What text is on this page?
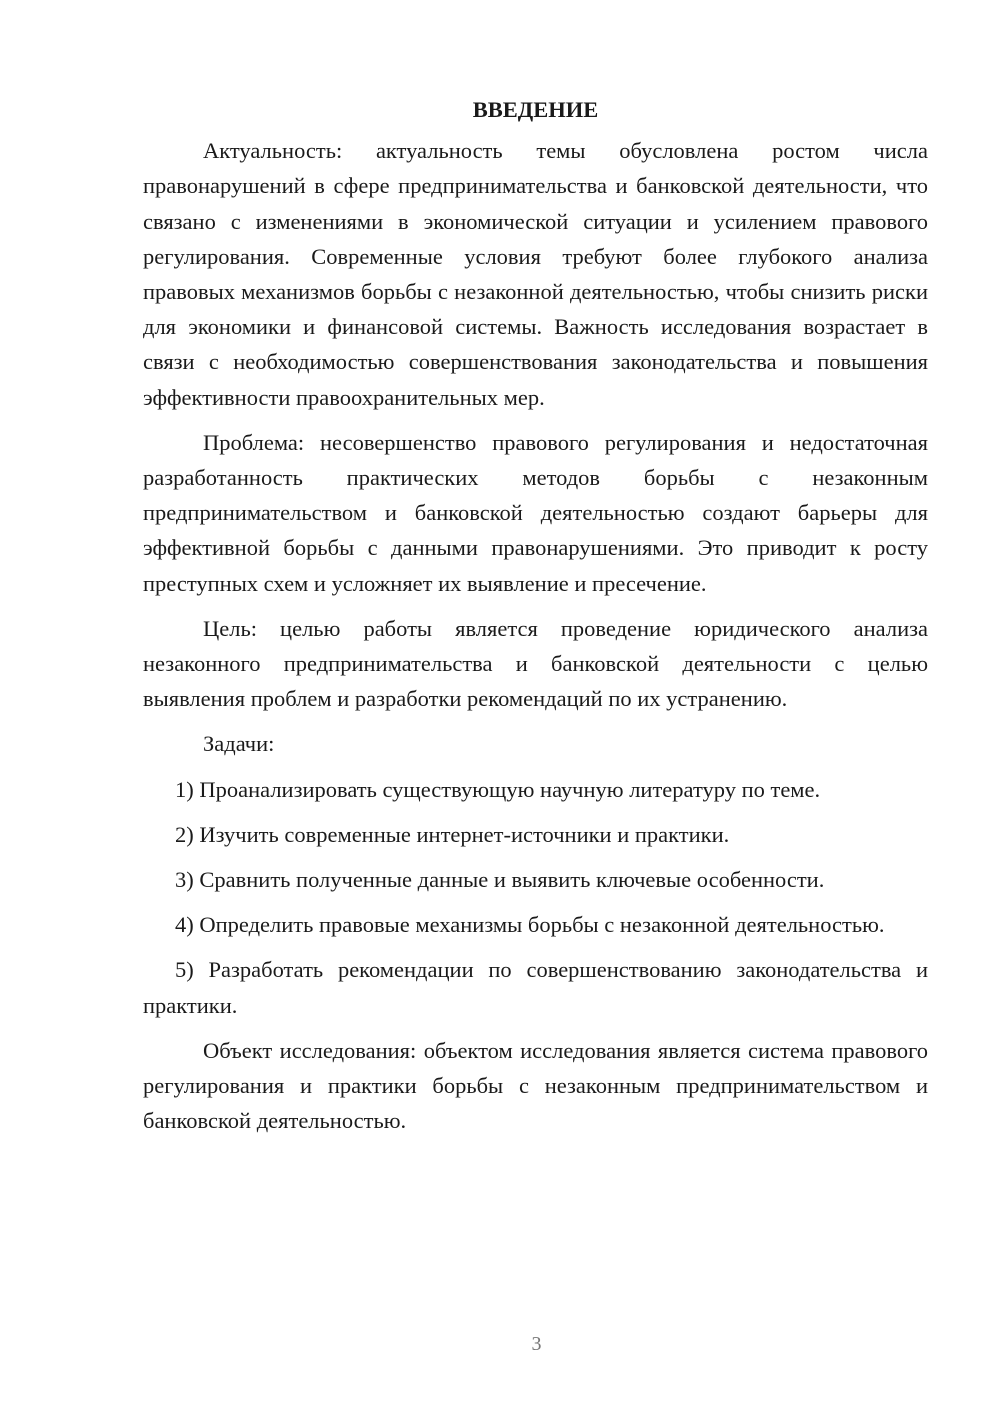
ВВЕДЕНИЕ

Актуальность: актуальность темы обусловлена ростом числа правонарушений в сфере предпринимательства и банковской деятельности, что связано с изменениями в экономической ситуации и усилением правового регулирования. Современные условия требуют более глубокого анализа правовых механизмов борьбы с незаконной деятельностью, чтобы снизить риски для экономики и финансовой системы. Важность исследования возрастает в связи с необходимостью совершенствования законодательства и повышения эффективности правоохранительных мер.

Проблема: несовершенство правового регулирования и недостаточная разработанность практических методов борьбы с незаконным предпринимательством и банковской деятельностью создают барьеры для эффективной борьбы с данными правонарушениями. Это приводит к росту преступных схем и усложняет их выявление и пресечение.

Цель: целью работы является проведение юридического анализа незаконного предпринимательства и банковской деятельности с целью выявления проблем и разработки рекомендаций по их устранению.

Задачи:

1) Проанализировать существующую научную литературу по теме.

2) Изучить современные интернет-источники и практики.

3) Сравнить полученные данные и выявить ключевые особенности.

4) Определить правовые механизмы борьбы с незаконной деятельностью.

5) Разработать рекомендации по совершенствованию законодательства и практики.

Объект исследования: объектом исследования является система правового регулирования и практики борьбы с незаконным предпринимательством и банковской деятельностью.

3
